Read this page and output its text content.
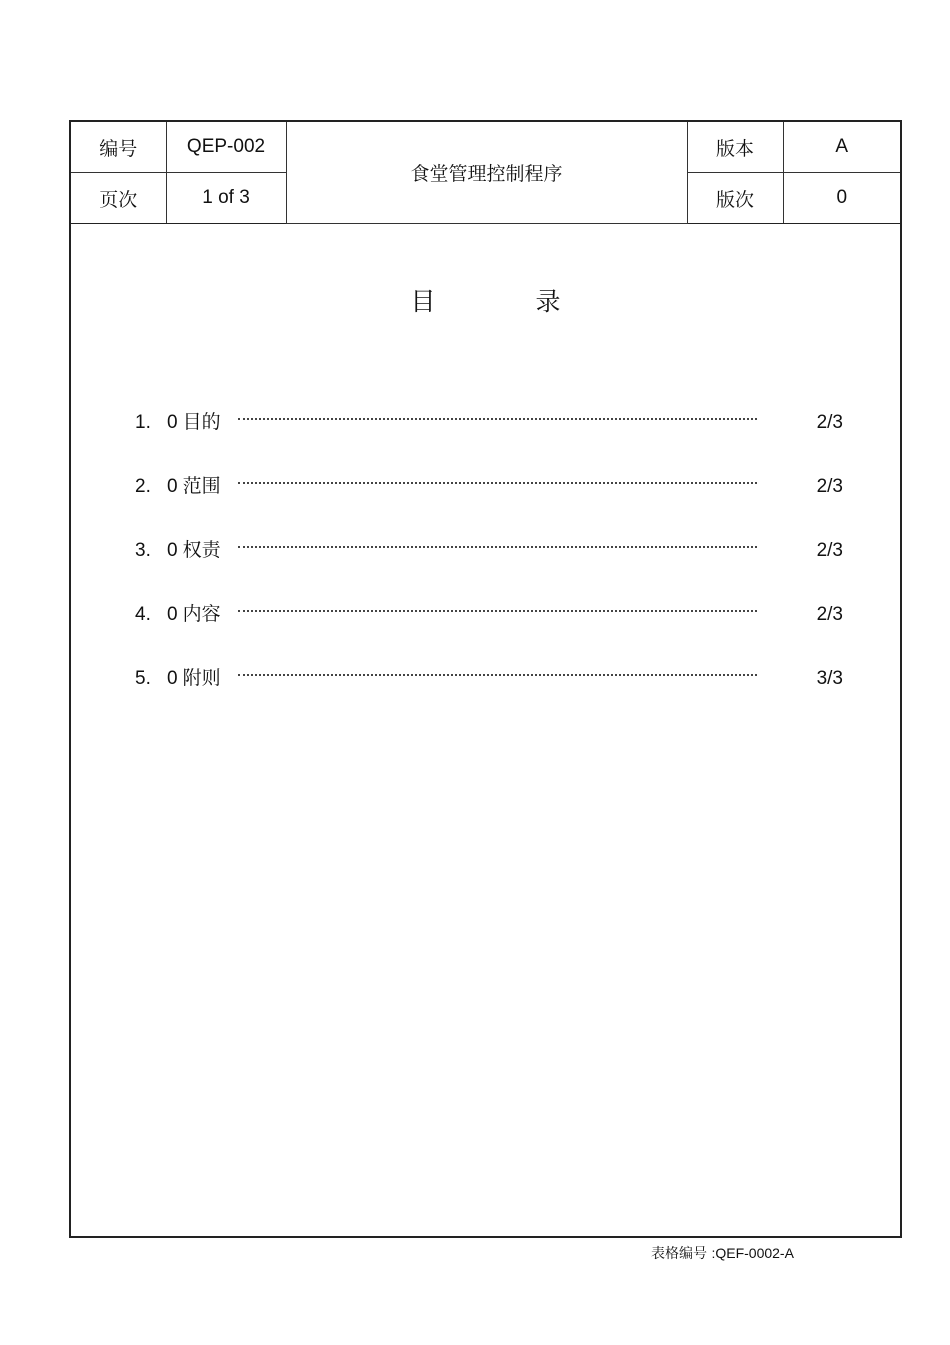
编号	QEP-002	食堂管理控制程序	版本	A
页次	1 of 3		版次	0
目	录
1. 0 目的	2/3
2. 0 范围	2/3
3. 0 权责	2/3
4. 0 内容	2/3
5. 0 附则	3/3
表格编号 :QEF-0002-A
